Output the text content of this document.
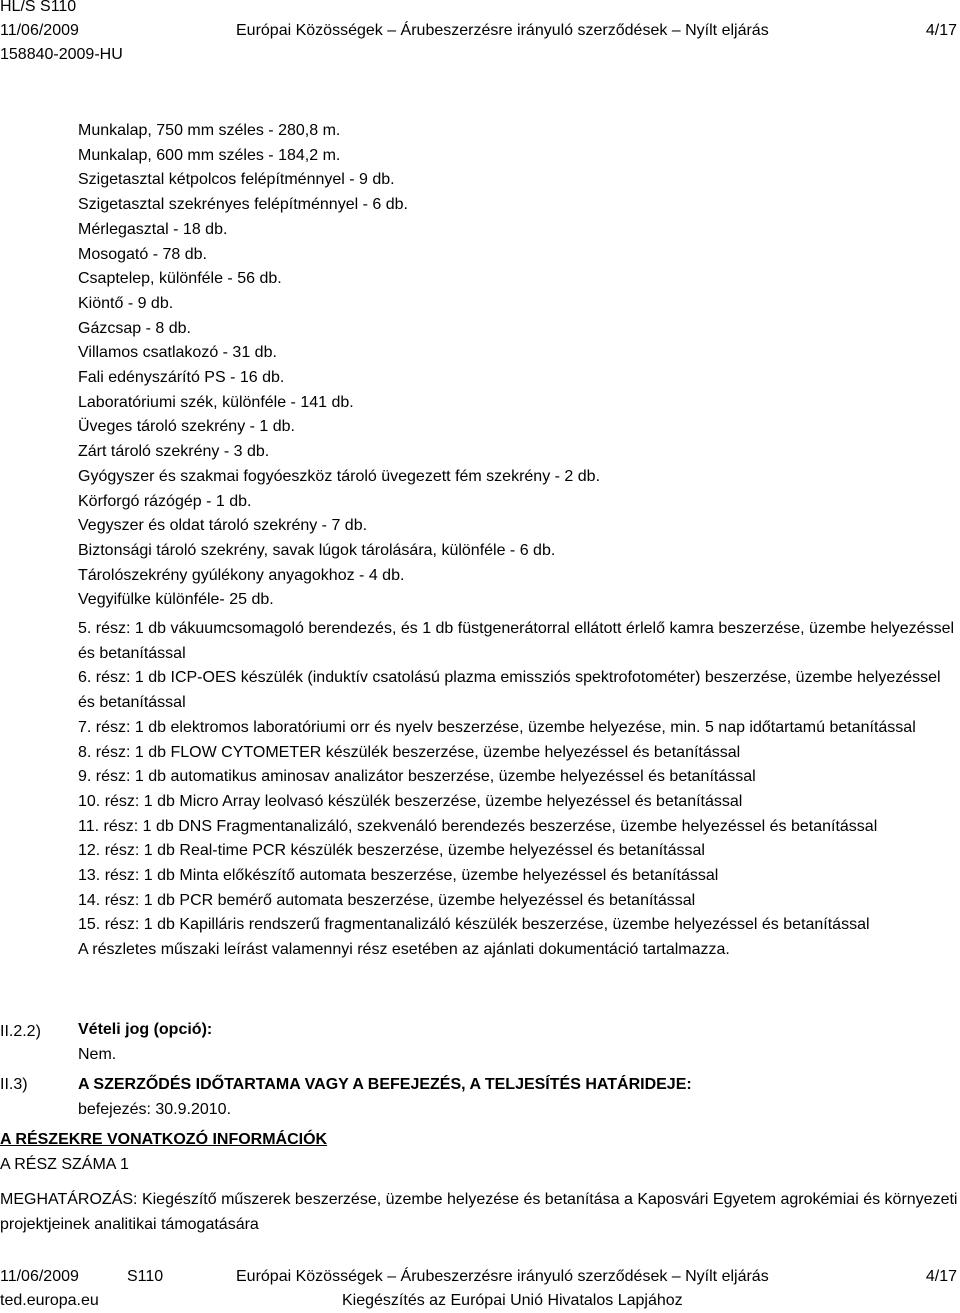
HL/S S110
11/06/2009
158840-2009-HU
Európai Közösségek – Árubeszerzésre irányuló szerződések – Nyílt eljárás	4/17
Munkalap, 750 mm széles - 280,8 m.
Munkalap, 600 mm széles - 184,2 m.
Szigetasztal kétpolcos felépítménnyel - 9 db.
Szigetasztal szekrényes felépítménnyel - 6 db.
Mérlegasztal - 18 db.
Mosogató - 78 db.
Csaptelep, különféle - 56 db.
Kiöntő - 9 db.
Gázcsap - 8 db.
Villamos csatlakozó - 31 db.
Fali edényszárító PS - 16 db.
Laboratóriumi szék, különféle - 141 db.
Üveges tároló szekrény - 1 db.
Zárt tároló szekrény - 3 db.
Gyógyszer és szakmai fogyóeszköz tároló üvegezett fém szekrény - 2 db.
Körforgó rázógép - 1 db.
Vegyszer és oldat tároló szekrény - 7 db.
Biztonsági tároló szekrény, savak lúgok tárolására, különféle - 6 db.
Tárolószekrény gyúlékony anyagokhoz - 4 db.
Vegyifülke különféle- 25 db.
5. rész: 1 db vákuumcsomagoló berendezés, és 1 db füstgenerátorral ellátott érlelő kamra beszerzése, üzembe helyezéssel és betanítással
6. rész: 1 db ICP-OES készülék (induktív csatolású plazma emissziós spektrofotométer) beszerzése, üzembe helyezéssel és betanítással
7. rész: 1 db elektromos laboratóriumi orr és nyelv beszerzése, üzembe helyezése, min. 5 nap időtartamú betanítással
8. rész: 1 db FLOW CYTOMETER készülék beszerzése, üzembe helyezéssel és betanítással
9. rész: 1 db automatikus aminosav analizátor beszerzése, üzembe helyezéssel és betanítással
10. rész: 1 db Micro Array leolvasó készülék beszerzése, üzembe helyezéssel és betanítással
11. rész: 1 db DNS Fragmentanalizáló, szekvenáló berendezés beszerzése, üzembe helyezéssel és betanítással
12. rész: 1 db Real-time PCR készülék beszerzése, üzembe helyezéssel és betanítással
13. rész: 1 db Minta előkészítő automata beszerzése, üzembe helyezéssel és betanítással
14. rész: 1 db PCR bemérő automata beszerzése, üzembe helyezéssel és betanítással
15. rész: 1 db Kapilláris rendszerű fragmentanalizáló készülék beszerzése, üzembe helyezéssel és betanítással
A részletes műszaki leírást valamennyi rész esetében az ajánlati dokumentáció tartalmazza.
II.2.2) Vételi jog (opció):
Nem.
II.3)	A SZERZŐDÉS IDŐTARTAMA VAGY A BEFEJEZÉS, A TELJESÍTÉS HATÁRIDEJE:
befejezés: 30.9.2010.
A RÉSZEKRE VONATKOZÓ INFORMÁCIÓK
A RÉSZ SZÁMA 1
MEGHATÁROZÁS: Kiegészítő műszerek beszerzése, üzembe helyezése és betanítása a Kaposvári Egyetem agrokémiai és környezeti projektjeinek analitikai támogatására
11/06/2009	S110	Európai Közösségek – Árubeszerzésre irányuló szerződések – Nyílt eljárás	4/17
ted.europa.eu	Kiegészítés az Európai Unió Hivatalos Lapjához
